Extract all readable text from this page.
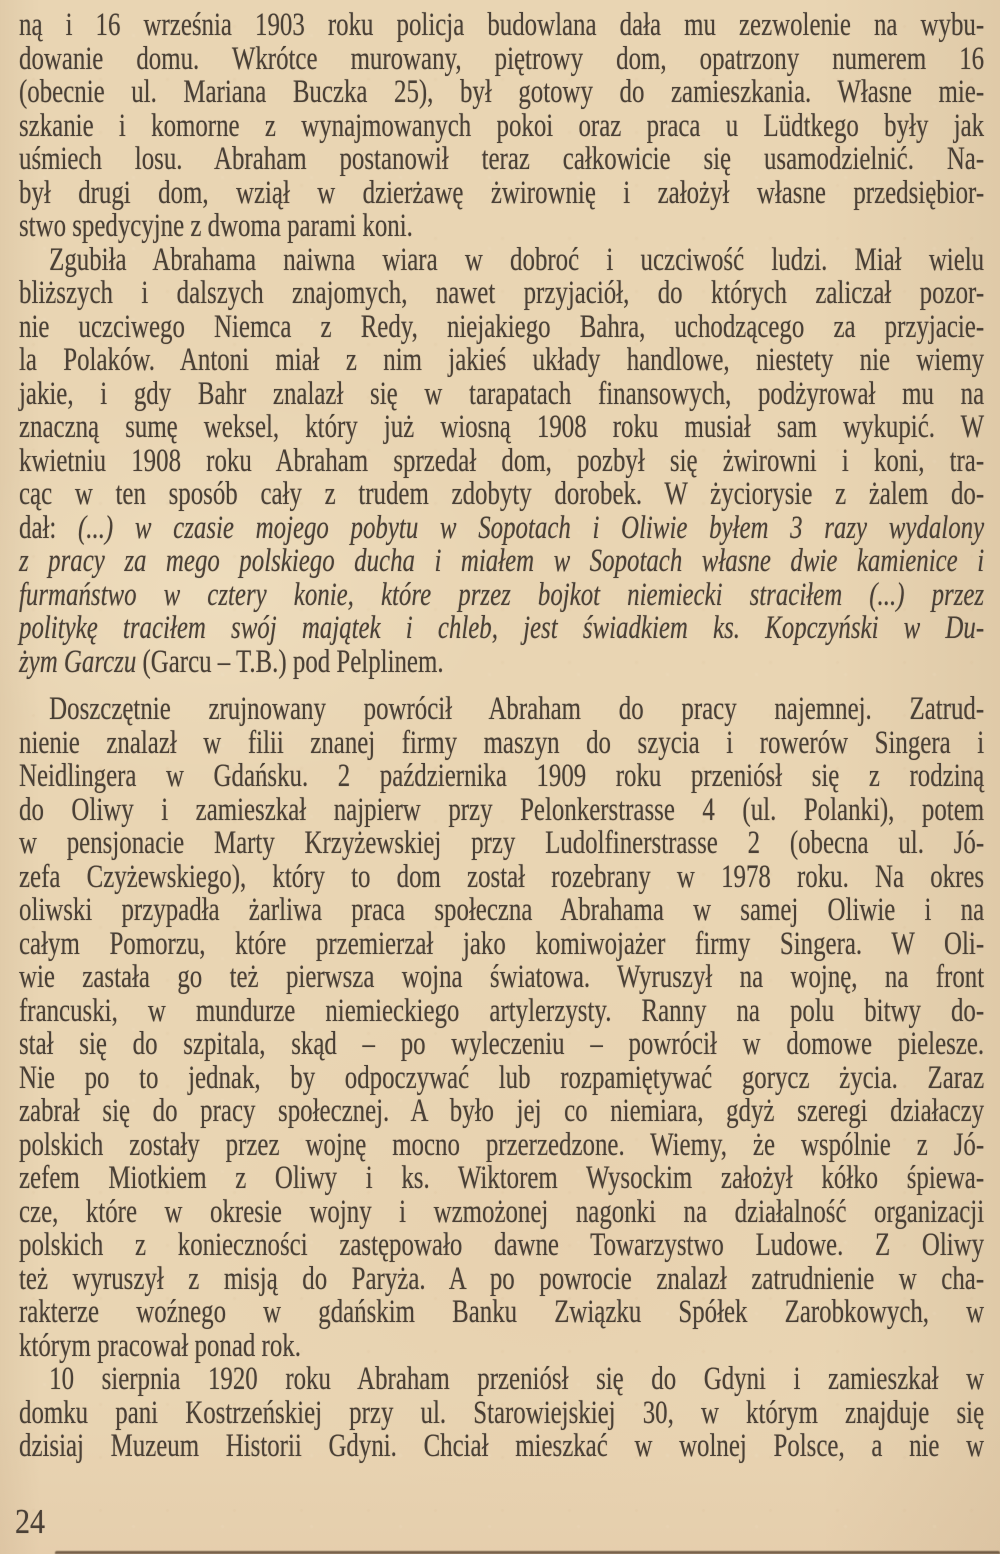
ną i 16 września 1903 roku policja budowlana dała mu zezwolenie na wybu-
dowanie domu. Wkrótce murowany, piętrowy dom, opatrzony numerem 16
(obecnie ul. Mariana Buczka 25), był gotowy do zamieszkania. Własne mie-
szkanie i komorne z wynajmowanych pokoi oraz praca u Lüdtkego były jak
uśmiech losu. Abraham postanowił teraz całkowicie się usamodzielnić. Na-
był drugi dom, wziął w dzierżawę żwirownię i założył własne przedsiębior-
stwo spedycyjne z dwoma parami koni.
Zgubiła Abrahama naiwna wiara w dobroć i uczciwość ludzi. Miał wielu
bliższych i dalszych znajomych, nawet przyjaciół, do których zaliczał pozor-
nie uczciwego Niemca z Redy, niejakiego Bahra, uchodzącego za przyjacie-
la Polaków. Antoni miał z nim jakieś układy handlowe, niestety nie wiemy
jakie, i gdy Bahr znalazł się w tarapatach finansowych, podżyrował mu na
znaczną sumę weksel, który już wiosną 1908 roku musiał sam wykupić. W
kwietniu 1908 roku Abraham sprzedał dom, pozbył się żwirowni i koni, tra-
cąc w ten sposób cały z trudem zdobyty dorobek. W życiorysie z żalem do-
dał: (...) w czasie mojego pobytu w Sopotach i Oliwie byłem 3 razy wydalony
z pracy za mego polskiego ducha i miałem w Sopotach własne dwie kamienice i
furmaństwo w cztery konie, które przez bojkot niemiecki straciłem (...) przez
politykę traciłem swój majątek i chleb, jest świadkiem ks. Kopczyński w Du-
żym Garczu (Garcu – T.B.) pod Pelplinem.
Doszczętnie zrujnowany powrócił Abraham do pracy najemnej. Zatrud-
nienie znalazł w filii znanej firmy maszyn do szycia i rowerów Singera i
Neidlingera w Gdańsku. 2 października 1909 roku przeniósł się z rodziną
do Oliwy i zamieszkał najpierw przy Pelonkerstrasse 4 (ul. Polanki), potem
w pensjonacie Marty Krzyżewskiej przy Ludolfinerstrasse 2 (obecna ul. Jó-
zefa Czyżewskiego), który to dom został rozebrany w 1978 roku. Na okres
oliwski przypadła żarliwa praca społeczna Abrahama w samej Oliwie i na
całym Pomorzu, które przemierzał jako komiwojażer firmy Singera. W Oli-
wie zastała go też pierwsza wojna światowa. Wyruszył na wojnę, na front
francuski, w mundurze niemieckiego artylerzysty. Ranny na polu bitwy do-
stał się do szpitala, skąd – po wyleczeniu – powrócił w domowe pielesze.
Nie po to jednak, by odpoczywać lub rozpamiętywać gorycz życia. Zaraz
zabrał się do pracy społecznej. A było jej co niemiara, gdyż szeregi działaczy
polskich zostały przez wojnę mocno przerzedzone. Wiemy, że wspólnie z Jó-
zefem Miotkiem z Oliwy i ks. Wiktorem Wysockim założył kółko śpiewa-
cze, które w okresie wojny i wzmożonej nagonki na działalność organizacji
polskich z konieczności zastępowało dawne Towarzystwo Ludowe. Z Oliwy
też wyruszył z misją do Paryża. A po powrocie znalazł zatrudnienie w cha-
rakterze woźnego w gdańskim Banku Związku Spółek Zarobkowych, w
którym pracował ponad rok.
10 sierpnia 1920 roku Abraham przeniósł się do Gdyni i zamieszkał w
domku pani Kostrzeńskiej przy ul. Starowiejskiej 30, w którym znajduje się
dzisiaj Muzeum Historii Gdyni. Chciał mieszkać w wolnej Polsce, a nie w
24
